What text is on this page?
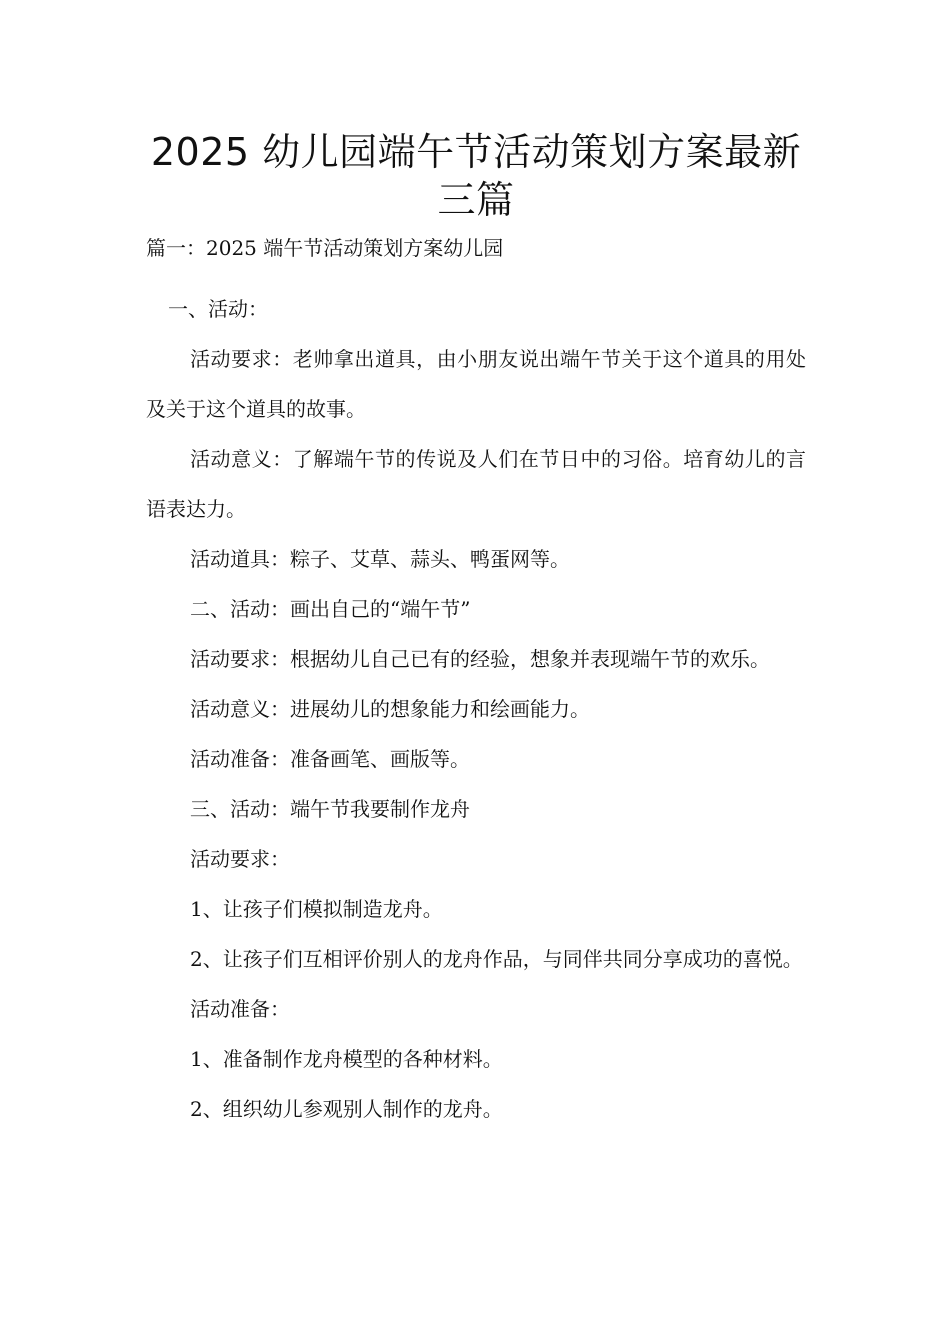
2025 幼儿园端午节活动策划方案最新三篇

篇一：2025 端午节活动策划方案幼儿园

一、活动：

活动要求：老帅拿出道具，由小朋友说出端午节关于这个道具的用处及关于这个道具的故事。

活动意义：了解端午节的传说及人们在节日中的习俗。培育幼儿的言语表达力。

活动道具：粽子、艾草、蒜头、鸭蛋网等。

二、活动：画出自己的“端午节”

活动要求：根据幼儿自己已有的经验，想象并表现端午节的欢乐。

活动意义：进展幼儿的想象能力和绘画能力。

活动准备：准备画笔、画版等。

三、活动：端午节我要制作龙舟

活动要求：

1、让孩子们模拟制造龙舟。

2、让孩子们互相评价别人的龙舟作品，与同伴共同分享成功的喜悦。

活动准备：

1、准备制作龙舟模型的各种材料。

2、组织幼儿参观别人制作的龙舟。
